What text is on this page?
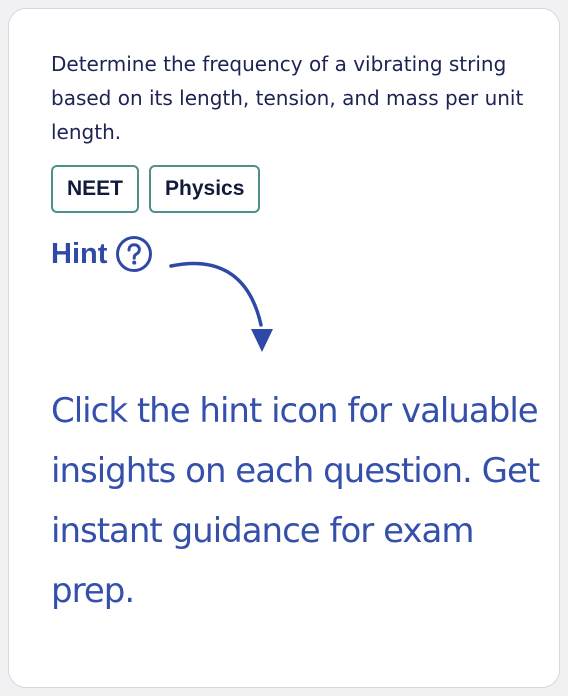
Determine the frequency of a vibrating string based on its length, tension, and mass per unit length.

NEET	Physics
Hint

Click the hint icon for valuable insights on each question. Get instant guidance for exam prep.
